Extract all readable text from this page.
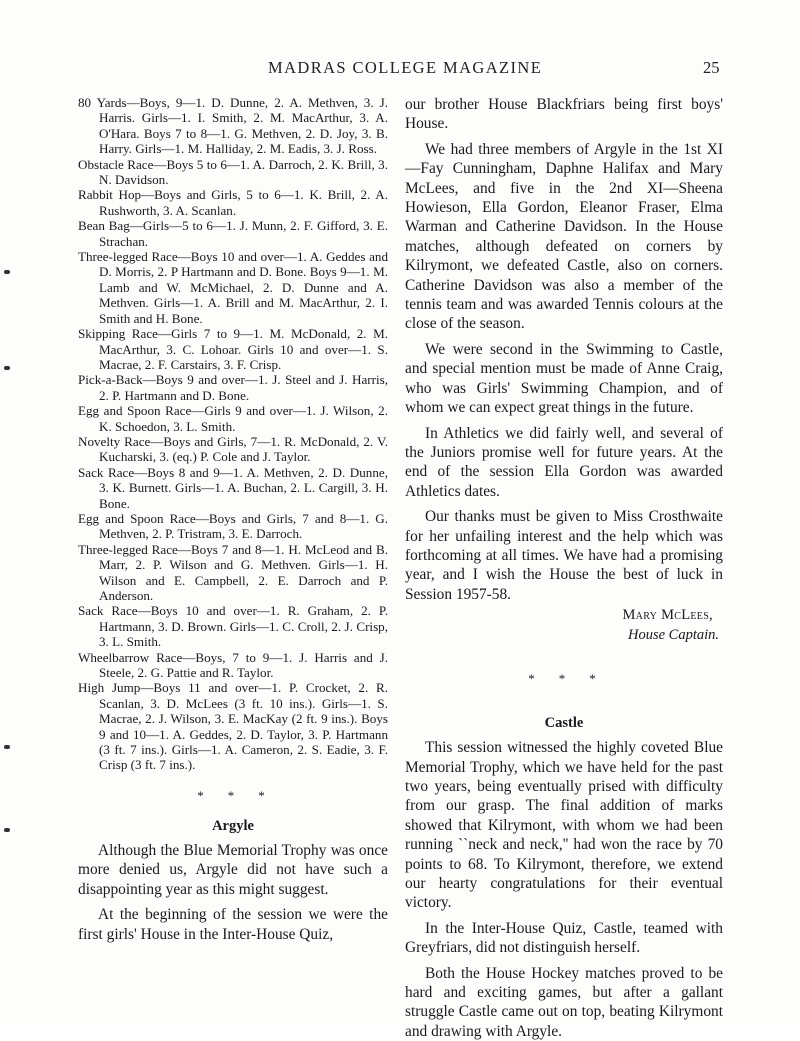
MADRAS COLLEGE MAGAZINE	25

80 Yards—Boys, 9—1. D. Dunne, 2. A. Methven, 3. J. Harris. Girls—1. I. Smith, 2. M. MacArthur, 3. A. O'Hara. Boys 7 to 8—1. G. Methven, 2. D. Joy, 3. B. Harry. Girls—1. M. Halliday, 2. M. Eadis, 3. J. Ross.

Obstacle Race—Boys 5 to 6—1. A. Darroch, 2. K. Brill, 3. N. Davidson.

Rabbit Hop—Boys and Girls, 5 to 6—1. K. Brill, 2. A. Rushworth, 3. A. Scanlan.

Bean Bag—Girls—5 to 6—1. J. Munn, 2. F. Gifford, 3. E. Strachan.

Three-legged Race—Boys 10 and over—1. A. Geddes and D. Morris, 2. P Hartmann and D. Bone. Boys 9—1. M. Lamb and W. McMichael, 2. D. Dunne and A. Methven. Girls—1. A. Brill and M. MacArthur, 2. I. Smith and H. Bone.

Skipping Race—Girls 7 to 9—1. M. McDonald, 2. M. MacArthur, 3. C. Lohoar. Girls 10 and over—1. S. Macrae, 2. F. Carstairs, 3. F. Crisp.

Pick-a-Back—Boys 9 and over—1. J. Steel and J. Harris, 2. P. Hartmann and D. Bone.

Egg and Spoon Race—Girls 9 and over—1. J. Wilson, 2. K. Schoedon, 3. L. Smith.

Novelty Race—Boys and Girls, 7—1. R. McDonald, 2. V. Kucharski, 3. (eq.) P. Cole and J. Taylor.

Sack Race—Boys 8 and 9—1. A. Methven, 2. D. Dunne, 3. K. Burnett. Girls—1. A. Buchan, 2. L. Cargill, 3. H. Bone.

Egg and Spoon Race—Boys and Girls, 7 and 8—1. G. Methven, 2. P. Tristram, 3. E. Darroch.

Three-legged Race—Boys 7 and 8—1. H. McLeod and B. Marr, 2. P. Wilson and G. Methven. Girls—1. H. Wilson and E. Campbell, 2. E. Darroch and P. Anderson.

Sack Race—Boys 10 and over—1. R. Graham, 2. P. Hartmann, 3. D. Brown. Girls—1. C. Croll, 2. J. Crisp, 3. L. Smith.

Wheelbarrow Race—Boys, 7 to 9—1. J. Harris and J. Steele, 2. G. Pattie and R. Taylor.

High Jump—Boys 11 and over—1. P. Crocket, 2. R. Scanlan, 3. D. McLees (3 ft. 10 ins.). Girls—1. S. Macrae, 2. J. Wilson, 3. E. MacKay (2 ft. 9 ins.). Boys 9 and 10—1. A. Geddes, 2. D. Taylor, 3. P. Hartmann (3 ft. 7 ins.). Girls—1. A. Cameron, 2. S. Eadie, 3. F. Crisp (3 ft. 7 ins.).

* * *
Argyle

Although the Blue Memorial Trophy was once more denied us, Argyle did not have such a disappointing year as this might suggest.

At the beginning of the session we were the first girls' House in the Inter-House Quiz,

our brother House Blackfriars being first boys' House.

We had three members of Argyle in the 1st XI—Fay Cunningham, Daphne Halifax and Mary McLees, and five in the 2nd XI—Sheena Howieson, Ella Gordon, Eleanor Fraser, Elma Warman and Catherine Davidson. In the House matches, although defeated on corners by Kilrymont, we defeated Castle, also on corners. Catherine Davidson was also a member of the tennis team and was awarded Tennis colours at the close of the season.

We were second in the Swimming to Castle, and special mention must be made of Anne Craig, who was Girls' Swimming Champion, and of whom we can expect great things in the future.

In Athletics we did fairly well, and several of the Juniors promise well for future years. At the end of the session Ella Gordon was awarded Athletics dates.

Our thanks must be given to Miss Crosthwaite for her unfailing interest and the help which was forthcoming at all times. We have had a promising year, and I wish the House the best of luck in Session 1957-58.

Mary McLees,
House Captain.
* * *
Castle

This session witnessed the highly coveted Blue Memorial Trophy, which we have held for the past two years, being eventually prised with difficulty from our grasp. The final addition of marks showed that Kilrymont, with whom we had been running ``neck and neck,'' had won the race by 70 points to 68. To Kilrymont, therefore, we extend our hearty congratulations for their eventual victory.

In the Inter-House Quiz, Castle, teamed with Greyfriars, did not distinguish herself.

Both the House Hockey matches proved to be hard and exciting games, but after a gallant struggle Castle came out on top, beating Kilrymont and drawing with Argyle.
